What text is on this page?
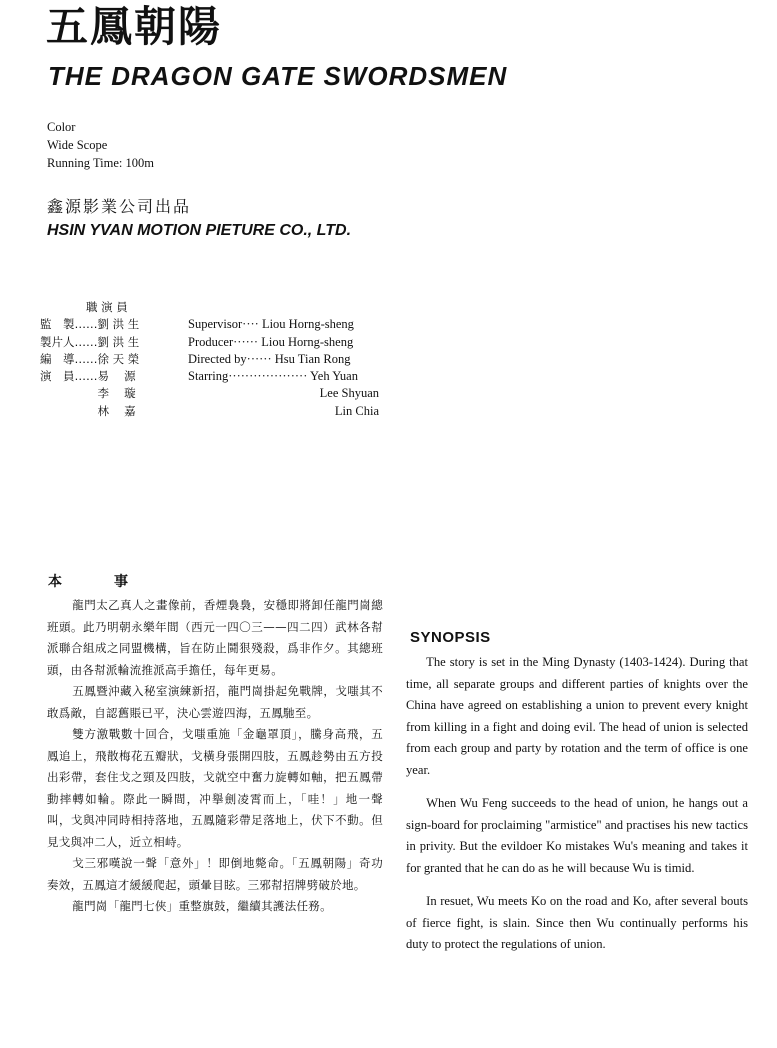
五鳳朝陽
THE DRAGON GATE SWORDSMEN
Color
Wide Scope
Running Time: 100m
鑫源影業公司出品
HSIN YVAN MOTION PIETURE CO., LTD.
職 演 員
監　製……劉 洪 生	Supervisor···· Liou Horng-sheng
製片人……劉 洪 生	Producer······ Liou Horng-sheng
編　導……徐 天 榮	Directed by······ Hsu Tian Rong
演　員……易　 源	Starring··················· Yeh Yuan
　　　　　李　 璇	Lee Shyuan
　　　　　林　 嘉	Lin Chia
本事

龍門太乙真人之畫像前，香煙裊裊，安穩即將卸任龍門崗總班頭。此乃明朝永樂年間（西元一四〇三——四二四）武林各幇派聯合組成之同盟機構，旨在防止鬪狠殘殺，爲非作夕。其總班頭，由各幇派輪流推派高手擔任，每年更易。

五鳳暨沖藏入秘室演練新招，龍門崗掛起免戰牌，戈嗤其不敢爲敵，自認舊賬已平，決心雲遊四海，五鳳馳至。

雙方激戰數十回合，戈嗤重施「金龜罩頂」，騰身高飛，五鳳追上，飛散梅花五瓣狀，戈橫身張開四肢，五鳳趁勢由五方投出彩帶，套住戈之頸及四肢，戈就空中奮力旋轉如軸，把五鳳帶動摔轉如輪。際此一瞬間，冲擧劍凌霄而上，「哇！」地一聲叫，戈與冲同時相持落地，五鳳隨彩帶足落地上，伏下不動。但見戈與冲二人，近立相峙。

戈三邪嘆說一聲「意外」！即倒地斃命。「五鳳朝陽」奇功奏效，五鳳這才緩緩爬起，頭暈目眩。三邪幇招牌劈破於地。

龍門崗「龍門七俠」重整旗鼓，繼續其護法任務。

SYNOPSIS

The story is set in the Ming Dynasty (1403-1424). During that time, all separate groups and different parties of knights over the China have agreed on establishing a union to prevent every knight from killing in a fight and doing evil. The head of union is selected from each group and party by rotation and the term of office is one year.

When Wu Feng succeeds to the head of union, he hangs out a sign-board for proclaiming "armistice" and practises his new tactics in privity. But the evildoer Ko mistakes Wu's meaning and takes it for granted that he can do as he will because Wu is timid.

In resuet, Wu meets Ko on the road and Ko, after several bouts of fierce fight, is slain. Since then Wu continually performs his duty to protect the regulations of union.
